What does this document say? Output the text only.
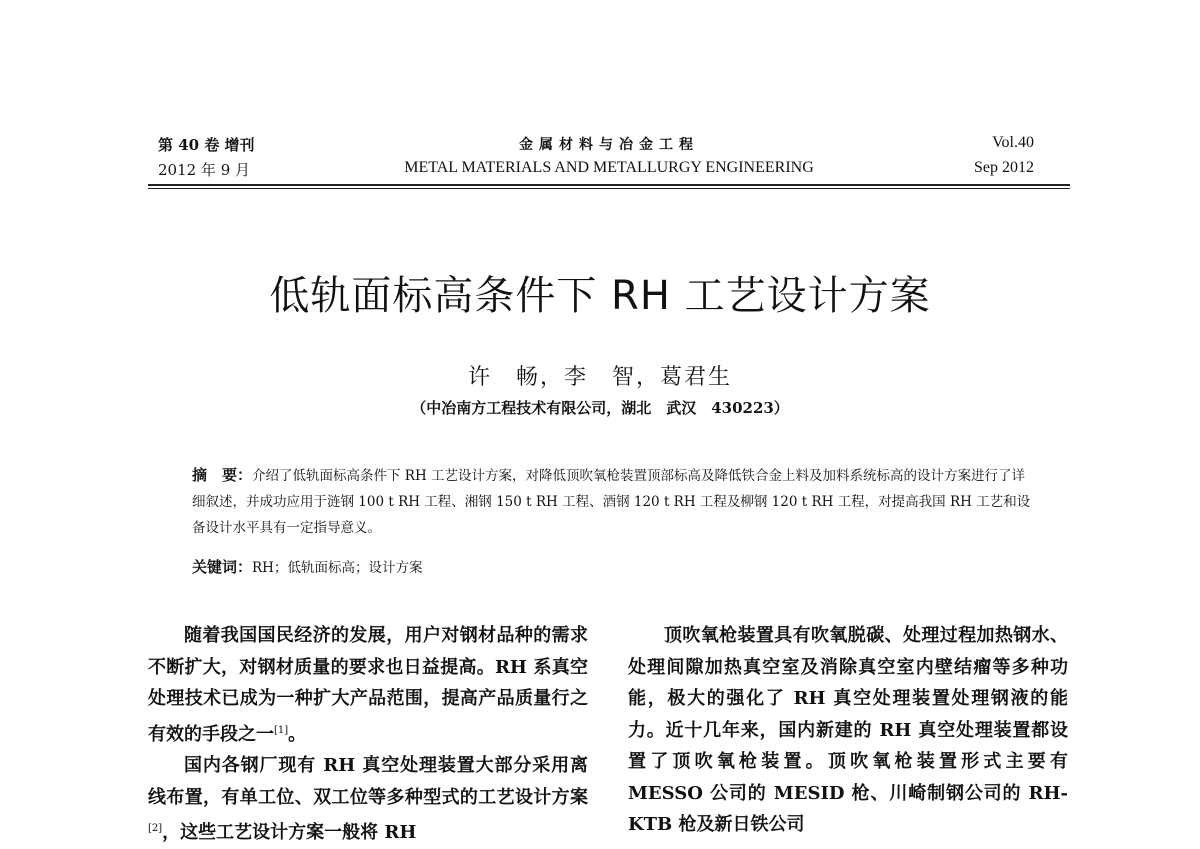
第 40 卷 增刊	金属材料与冶金工程	Vol.40
2012 年 9 月	METAL MATERIALS AND METALLURGY ENGINEERING	Sep 2012
低轨面标高条件下 RH 工艺设计方案
许　畅，李　智，葛君生
（中冶南方工程技术有限公司，湖北　武汉　430223）
摘　要：介绍了低轨面标高条件下 RH 工艺设计方案，对降低顶吹氧枪装置顶部标高及降低铁合金上料及加料系统标高的设计方案进行了详细叙述，并成功应用于涟钢 100 t RH 工程、湘钢 150 t RH 工程、酒钢 120 t RH 工程及柳钢 120 t RH 工程，对提高我国 RH 工艺和设备设计水平具有一定指导意义。
关键词：RH；低轨面标高；设计方案

随着我国国民经济的发展，用户对钢材品种的需求不断扩大，对钢材质量的要求也日益提高。RH 系真空处理技术已成为一种扩大产品范围，提高产品质量行之有效的手段之一[1]。

国内各钢厂现有 RH 真空处理装置大部分采用离线布置，有单工位、双工位等多种型式的工艺设计方案[2]，这些工艺设计方案一般将 RH

顶吹氧枪装置具有吹氧脱碳、处理过程加热钢水、处理间隙加热真空室及消除真空室内壁结瘤等多种功能，极大的强化了 RH 真空处理装置处理钢液的能力。近十几年来，国内新建的 RH 真空处理装置都设置了顶吹氧枪装置。顶吹氧枪装置形式主要有 MESSO 公司的 MESID 枪、川崎制钢公司的 RH-KTB 枪及新日铁公司
